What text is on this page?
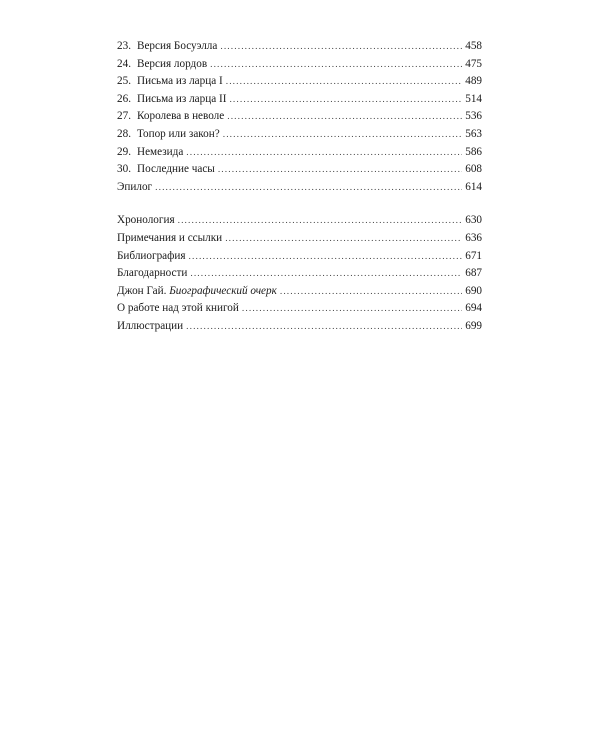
23. Версия Босуэлла .....	458
24. Версия лордов .....	475
25. Письма из ларца I .....	489
26. Письма из ларца II .....	514
27. Королева в неволе .....	536
28. Топор или закон? .....	563
29. Немезида .....	586
30. Последние часы .....	608
Эпилог .....	614
Хронология .....	630
Примечания и ссылки .....	636
Библиография .....	671
Благодарности .....	687
Джон Гай. Биографический очерк .....	690
О работе над этой книгой .....	694
Иллюстрации .....	699
